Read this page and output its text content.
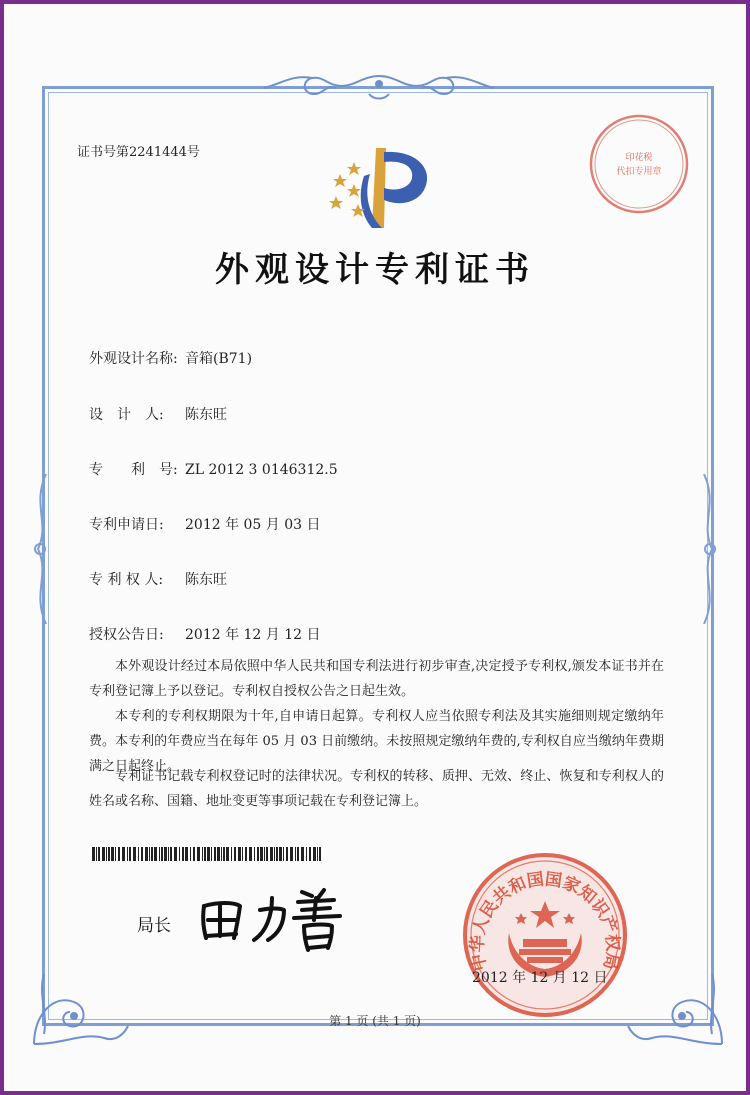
证书号第2241444号	印花税
代扣专用章
外观设计专利证书
外观设计名称: 音箱(B71)
设　计　人: 陈东旺
专　　利　号: ZL 2012 3 0146312.5
专利申请日: 2012 年 05 月 03 日
专 利 权 人: 陈东旺
授权公告日: 2012 年 12 月 12 日
本外观设计经过本局依照中华人民共和国专利法进行初步审查,决定授予专利权,颁发本证书并在专利登记簿上予以登记。专利权自授权公告之日起生效。
本专利的专利权期限为十年,自申请日起算。专利权人应当依照专利法及其实施细则规定缴纳年费。本专利的年费应当在每年 05 月 03 日前缴纳。未按照规定缴纳年费的,专利权自应当缴纳年费期满之日起终止。
专利证书记载专利权登记时的法律状况。专利权的转移、质押、无效、终止、恢复和专利权人的姓名或名称、国籍、地址变更等事项记载在专利登记簿上。
局长
中华人民共和国国家知识产权局
2012 年 12 月 12 日
第 1 页 (共 1 页)
